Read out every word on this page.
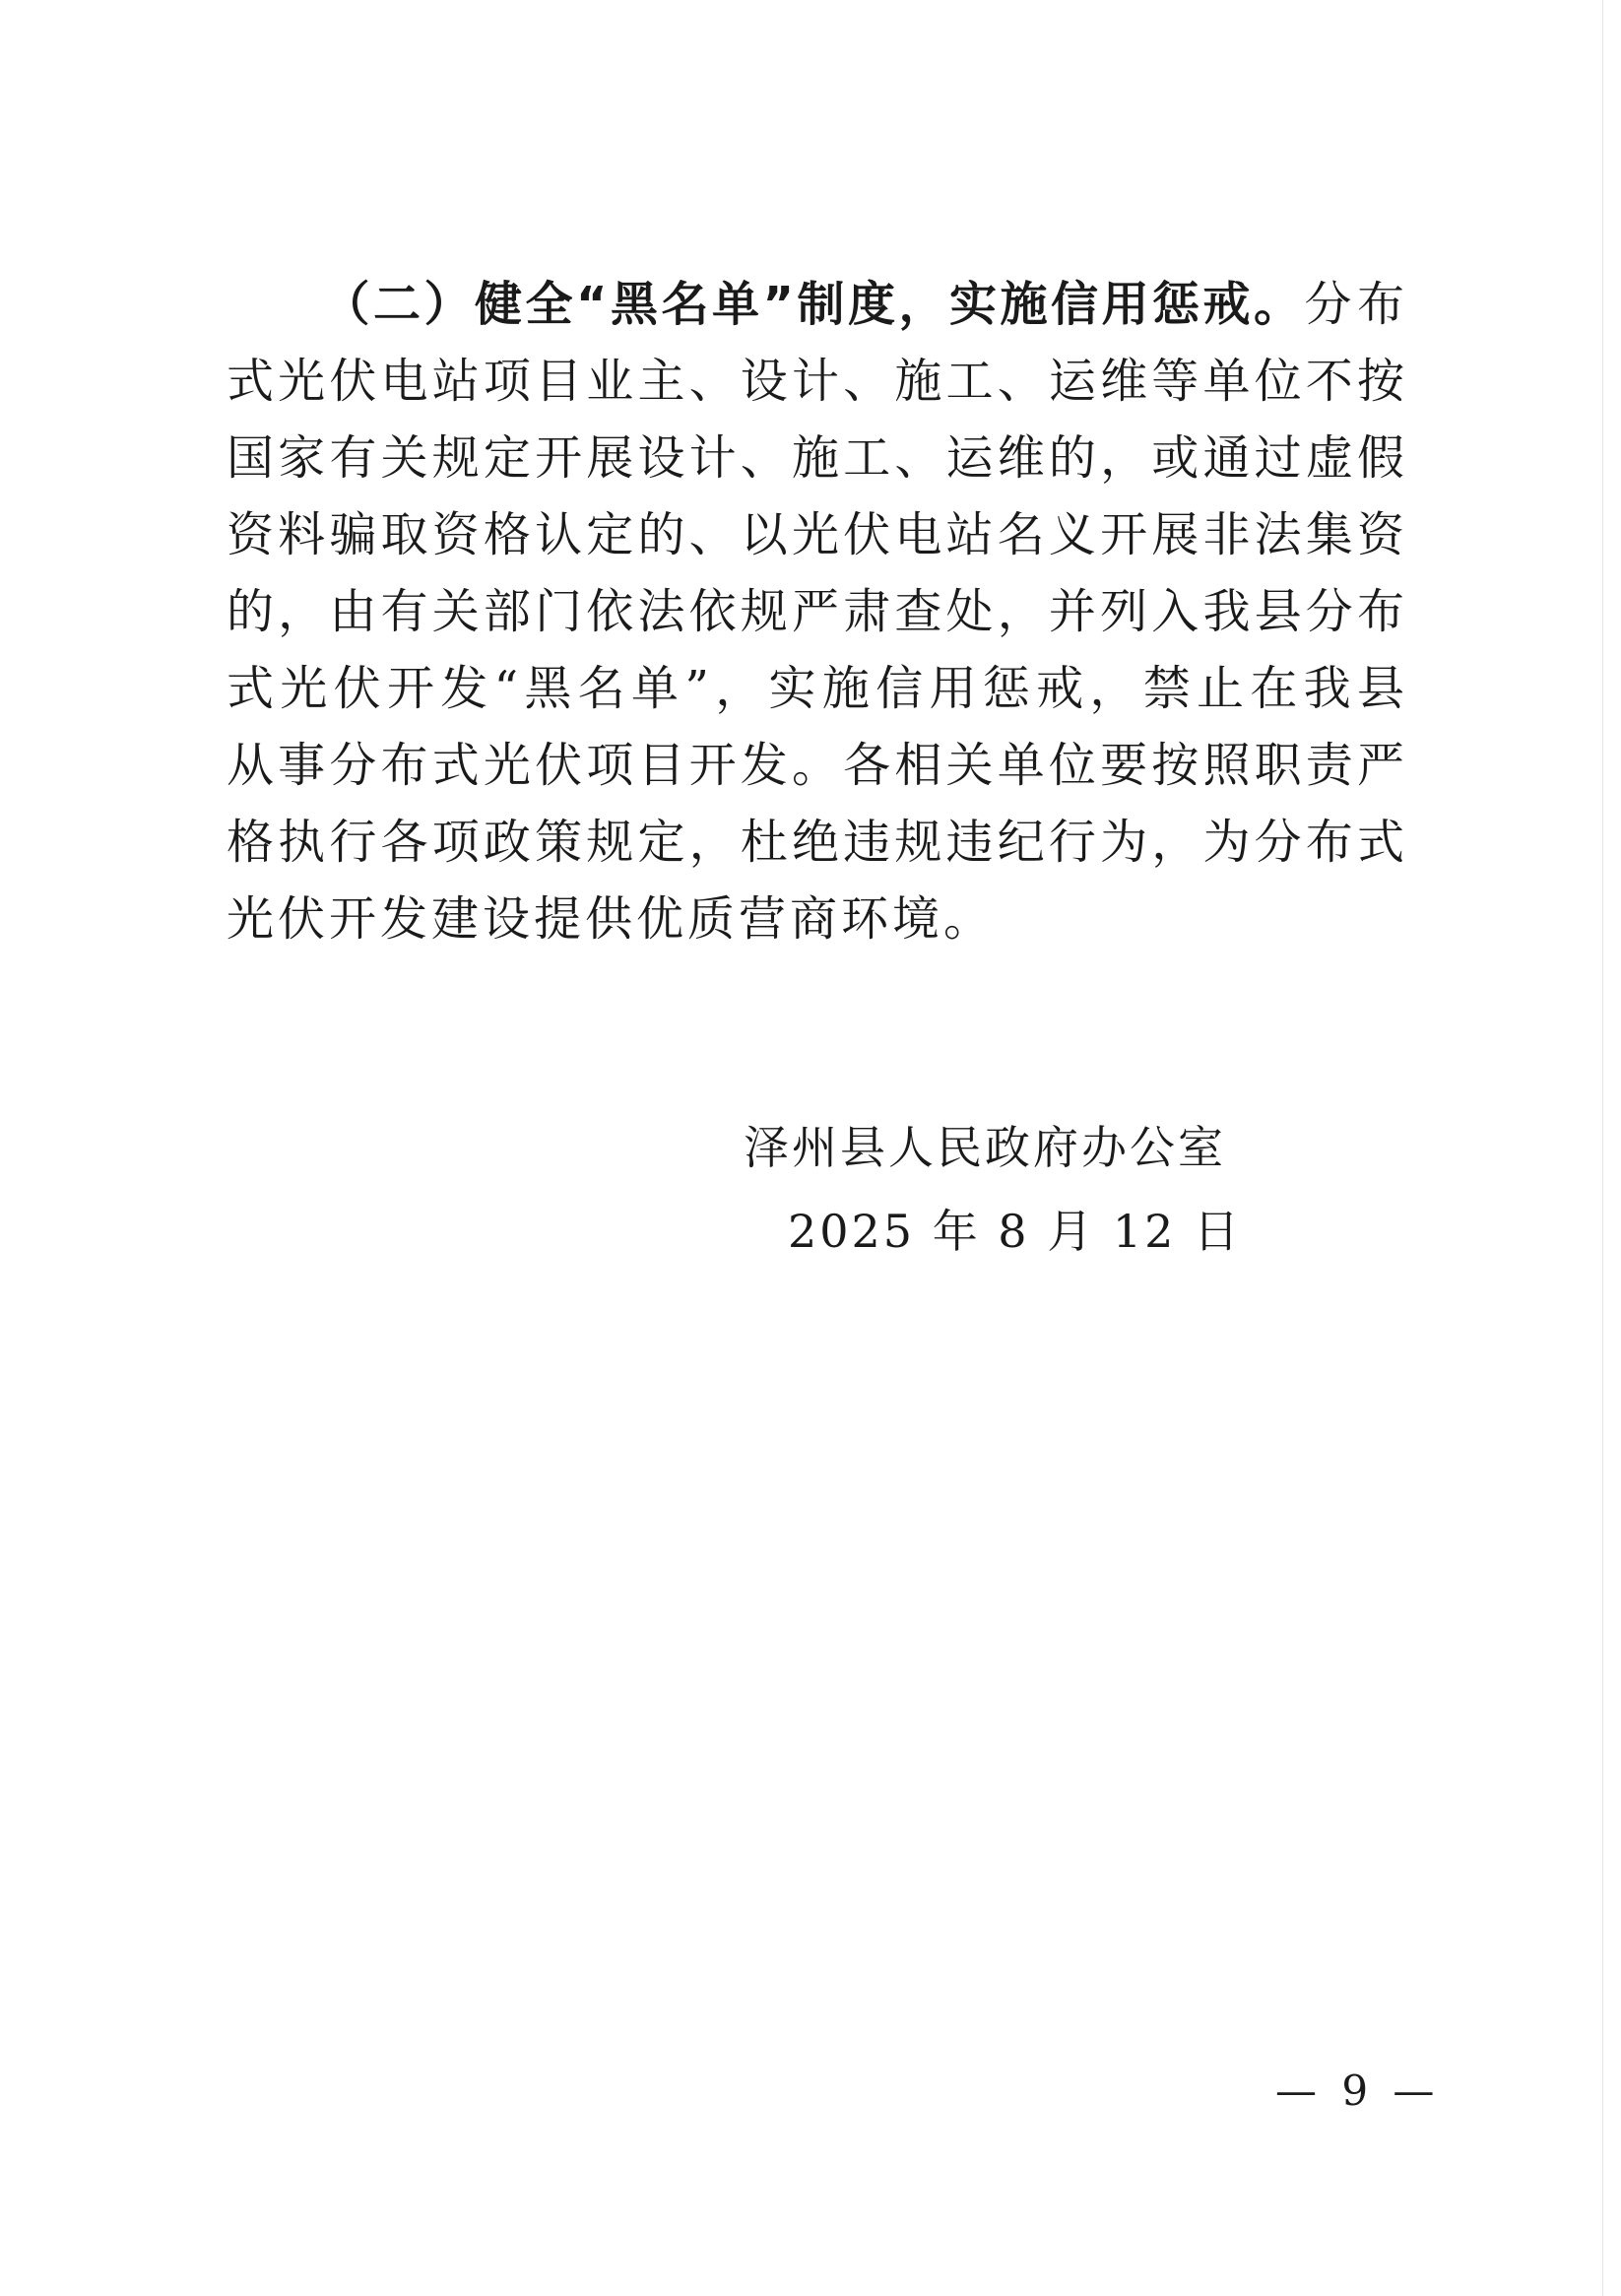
（二）健全“黑名单”制度，实施信用惩戒。分布式光伏电站项目业主、设计、施工、运维等单位不按国家有关规定开展设计、施工、运维的，或通过虚假资料骗取资格认定的、以光伏电站名义开展非法集资的，由有关部门依法依规严肃查处，并列入我县分布式光伏开发“黑名单”，实施信用惩戒，禁止在我县从事分布式光伏项目开发。各相关单位要按照职责严格执行各项政策规定，杜绝违规违纪行为，为分布式光伏开发建设提供优质营商环境。
泽州县人民政府办公室
2025 年 8 月 12 日
— 9 —
